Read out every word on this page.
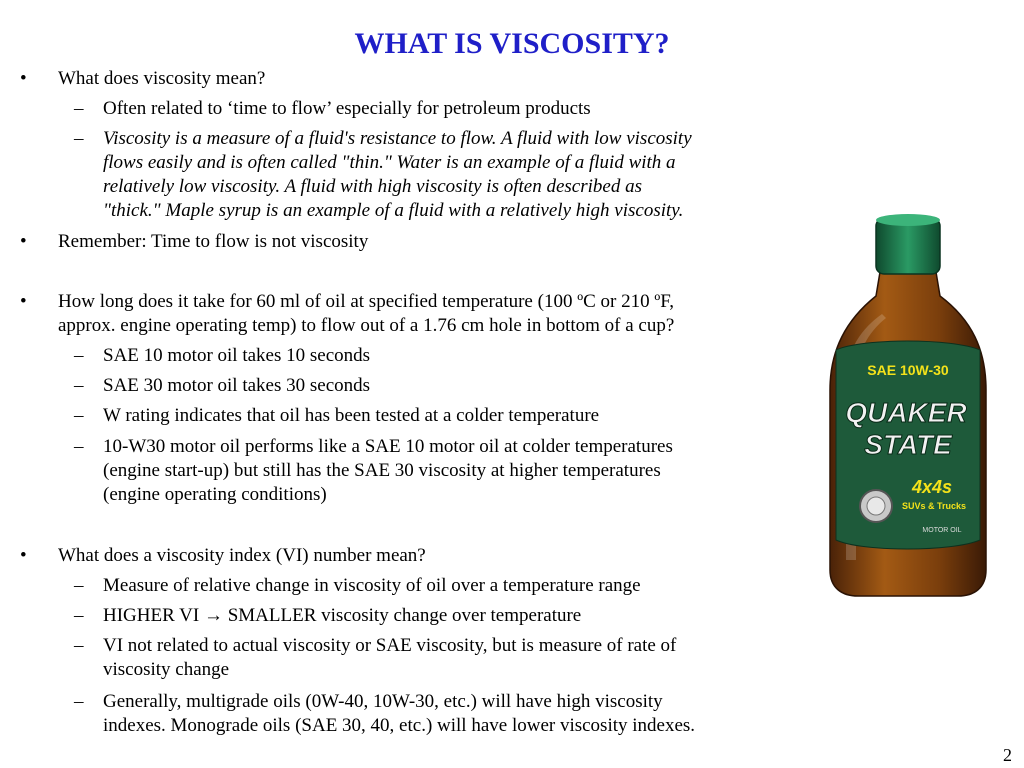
WHAT IS VISCOSITY?
• What does viscosity mean?
– Often related to ‘time to flow’ especially for petroleum products
– Viscosity is a measure of a fluid's resistance to flow. A fluid with low viscosity
flows easily and is often called "thin." Water is an example of a fluid with a
relatively low viscosity. A fluid with high viscosity is often described as
"thick." Maple syrup is an example of a fluid with a relatively high viscosity.
• Remember: Time to flow is not viscosity
• How long does it take for 60 ml of oil at specified temperature (100 ºC or 210 ºF,
approx. engine operating temp) to flow out of a 1.76 cm hole in bottom of a cup?
– SAE 10 motor oil takes 10 seconds
– SAE 30 motor oil takes 30 seconds
– W rating indicates that oil has been tested at a colder temperature
– 10-W30 motor oil performs like a SAE 10 motor oil at colder temperatures
(engine start-up) but still has the SAE 30 viscosity at higher temperatures
(engine operating conditions)
• What does a viscosity index (VI) number mean?
– Measure of relative change in viscosity of oil over a temperature range
– HIGHER VI → SMALLER viscosity change over temperature
– VI not related to actual viscosity or SAE viscosity, but is measure of rate of
viscosity change
– Generally, multigrade oils (0W-40, 10W-30, etc.) will have high viscosity
indexes. Monograde oils (SAE 30, 40, etc.) will have lower viscosity indexes.
SAE 10W-30
QUAKER
STATE
4x4s
SUVs & Trucks
MOTOR OIL
2
